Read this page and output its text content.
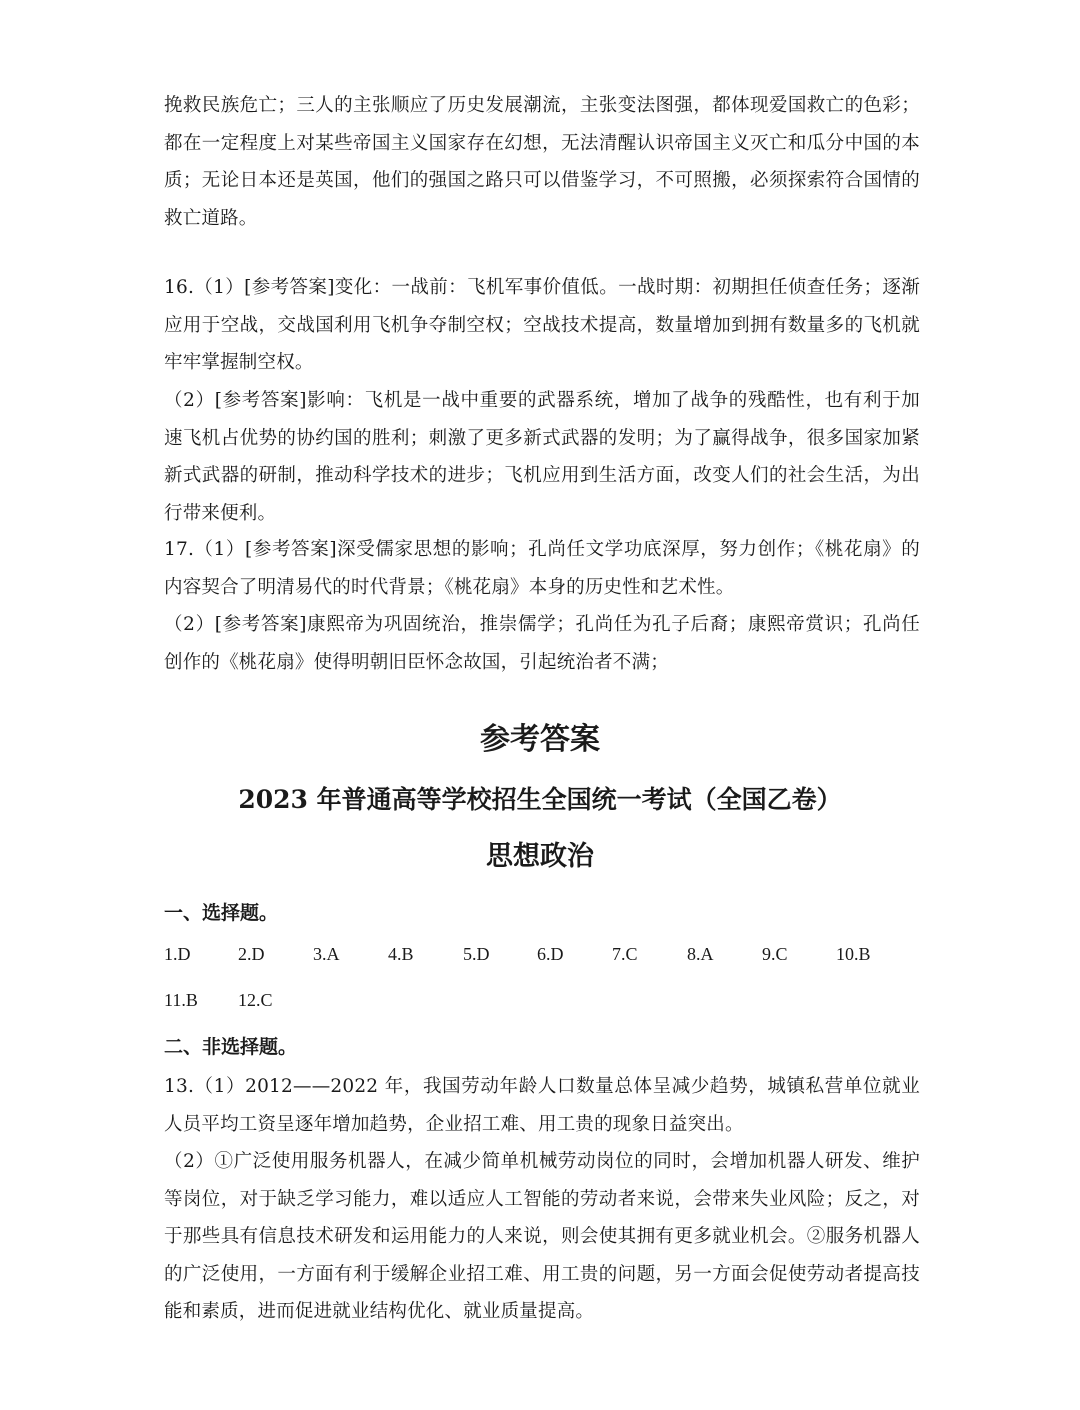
挽救民族危亡；三人的主张顺应了历史发展潮流，主张变法图强，都体现爱国救亡的色彩；都在一定程度上对某些帝国主义国家存在幻想，无法清醒认识帝国主义灭亡和瓜分中国的本质；无论日本还是英国，他们的强国之路只可以借鉴学习，不可照搬，必须探索符合国情的救亡道路。

16.（1）[参考答案]变化：一战前：飞机军事价值低。一战时期：初期担任侦查任务；逐渐应用于空战，交战国利用飞机争夺制空权；空战技术提高，数量增加到拥有数量多的飞机就牢牢掌握制空权。

（2）[参考答案]影响：飞机是一战中重要的武器系统，增加了战争的残酷性，也有利于加速飞机占优势的协约国的胜利；刺激了更多新式武器的发明；为了赢得战争，很多国家加紧新式武器的研制，推动科学技术的进步；飞机应用到生活方面，改变人们的社会生活，为出行带来便利。

17.（1）[参考答案]深受儒家思想的影响；孔尚任文学功底深厚，努力创作；《桃花扇》的内容契合了明清易代的时代背景；《桃花扇》本身的历史性和艺术性。

（2）[参考答案]康熙帝为巩固统治，推崇儒学；孔尚任为孔子后裔；康熙帝赏识；孔尚任创作的《桃花扇》使得明朝旧臣怀念故国，引起统治者不满；

参考答案
2023 年普通高等学校招生全国统一考试（全国乙卷）
思想政治
一、选择题。
1.D	2.D	3.A	4.B	5.D	6.D	7.C	8.A	9.C	10.B
11.B 12.C
二、非选择题。

13.（1）2012——2022 年，我国劳动年龄人口数量总体呈减少趋势，城镇私营单位就业人员平均工资呈逐年增加趋势，企业招工难、用工贵的现象日益突出。

（2）①广泛使用服务机器人，在减少简单机械劳动岗位的同时，会增加机器人研发、维护等岗位，对于缺乏学习能力，难以适应人工智能的劳动者来说，会带来失业风险；反之，对于那些具有信息技术研发和运用能力的人来说，则会使其拥有更多就业机会。②服务机器人的广泛使用，一方面有利于缓解企业招工难、用工贵的问题，另一方面会促使劳动者提高技能和素质，进而促进就业结构优化、就业质量提高。
